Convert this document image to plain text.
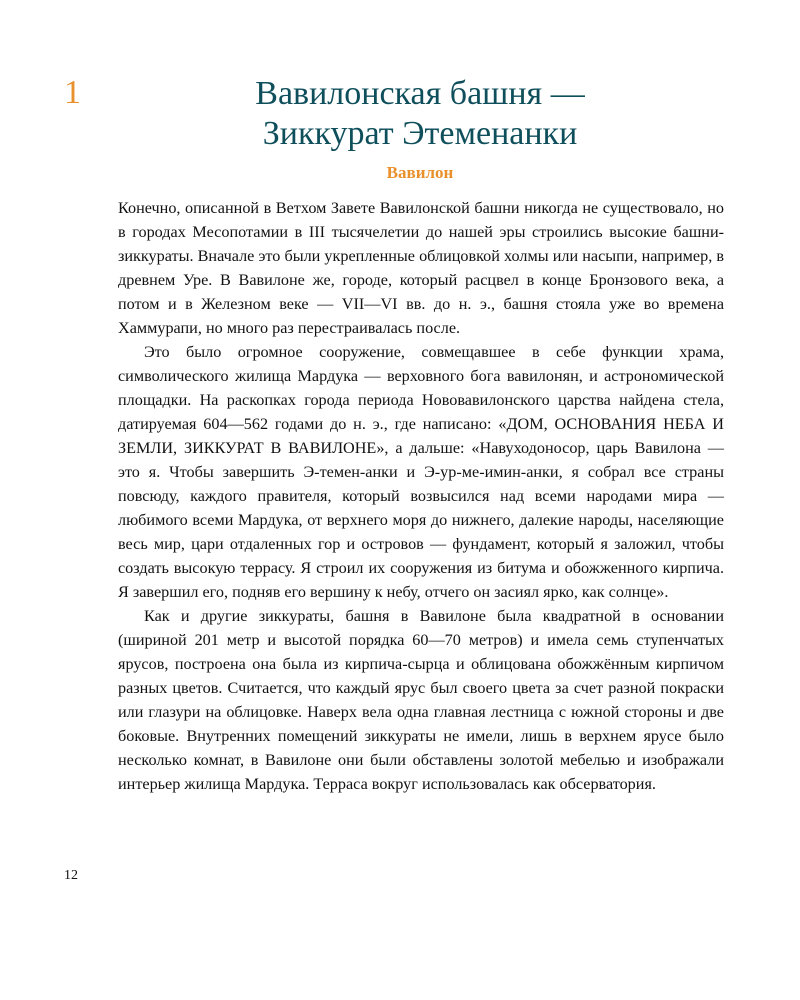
1	Вавилонская башня —
Зиккурат Этеменанки
Вавилон

Конечно, описанной в Ветхом Завете Вавилонской башни никогда не существовало, но в городах Месопотамии в III тысячелетии до нашей эры строились высокие башни-зиккураты. Вначале это были укрепленные облицовкой холмы или насыпи, например, в древнем Уре. В Вавилоне же, городе, который расцвел в конце Бронзового века, а потом и в Железном веке — VII—VI вв. до н. э., башня стояла уже во времена Хаммурапи, но много раз перестраивалась после.

Это было огромное сооружение, совмещавшее в себе функции храма, символического жилища Мардука — верховного бога вавилонян, и астрономической площадки. На раскопках города периода Нововавилонского царства найдена стела, датируемая 604—562 годами до н. э., где написано: «ДОМ, ОСНОВАНИЯ НЕБА И ЗЕМЛИ, ЗИККУРАТ В ВАВИЛОНЕ», а дальше: «Навуходоносор, царь Вавилона — это я. Чтобы завершить Э-темен-анки и Э-ур-ме-имин-анки, я собрал все страны повсюду, каждого правителя, который возвысился над всеми народами мира — любимого всеми Мардука, от верхнего моря до нижнего, далекие народы, населяющие весь мир, цари отдаленных гор и островов — фундамент, который я заложил, чтобы создать высокую террасу. Я строил их сооружения из битума и обожженного кирпича. Я завершил его, подняв его вершину к небу, отчего он засиял ярко, как солнце».

Как и другие зиккураты, башня в Вавилоне была квадратной в основании (шириной 201 метр и высотой порядка 60—70 метров) и имела семь ступенчатых ярусов, построена она была из кирпича-сырца и облицована обожжённым кирпичом разных цветов. Считается, что каждый ярус был своего цвета за счет разной покраски или глазури на облицовке. Наверх вела одна главная лестница с южной стороны и две боковые. Внутренних помещений зиккураты не имели, лишь в верхнем ярусе было несколько комнат, в Вавилоне они были обставлены золотой мебелью и изображали интерьер жилища Мардука. Терраса вокруг использовалась как обсерватория.

12
